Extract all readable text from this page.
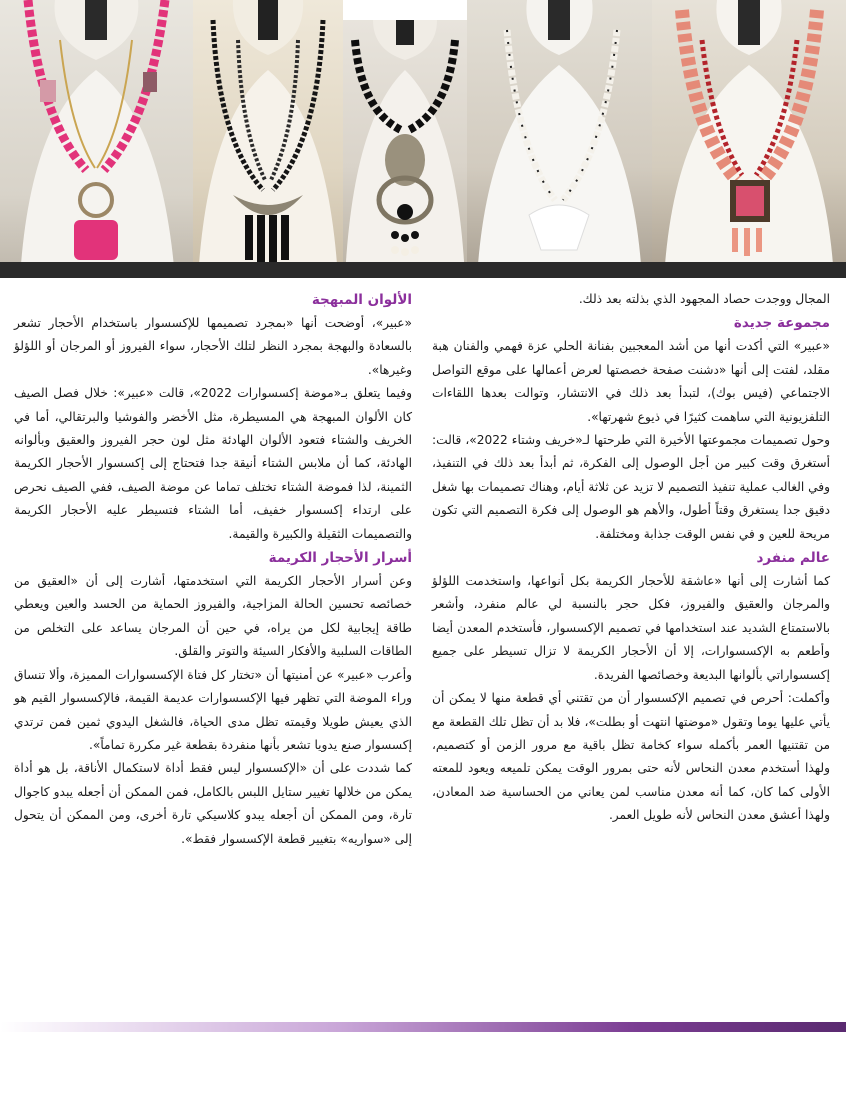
المجال ووجدت حصاد المجهود الذي بذلته بعد ذلك.

مجموعة جديدة

«عبير» التي أكدت أنها من أشد المعجبين بفنانة الحلي عزة فهمي والفنان هبة مقلد، لفتت إلى أنها «دشنت صفحة خصصتها لعرض أعمالها على موقع التواصل الاجتماعي (فيس بوك)، لتبدأ بعد ذلك في الانتشار، وتوالت بعدها اللقاءات التلفزيونية التي ساهمت كثيرًا في ذيوع شهرتها».

وحول تصميمات مجموعتها الأخيرة التي طرحتها لـ«خريف وشتاء 2022»، قالت: أستغرق وقت كبير من أجل الوصول إلى الفكرة، ثم أبدأ بعد ذلك في التنفيذ، وفي الغالب عملية تنفيذ التصميم لا تزيد عن ثلاثة أيام، وهناك تصميمات بها شغل دقيق جدا يستغرق وقتاً أطول، والأهم هو الوصول إلى فكرة التصميم التي تكون مريحة للعين و في نفس الوقت جذابة ومختلفة.

عالم منفرد

كما أشارت إلى أنها «عاشقة للأحجار الكريمة بكل أنواعها، واستخدمت اللؤلؤ والمرجان والعقيق والفيروز، فكل حجر بالنسبة لي عالم منفرد، وأشعر بالاستمتاع الشديد عند استخدامها في تصميم الإكسسوار، فأستخدم المعدن أيضا وأطعم به الإكسسوارات، إلا أن الأحجار الكريمة لا تزال تسيطر على جميع إكسسواراتي بألوانها البديعة وخصائصها الفريدة.

وأكملت: أحرص في تصميم الإكسسوار أن من تقتني أي قطعة منها لا يمكن أن يأتي عليها يوما وتقول «موضتها انتهت أو بطلت»، فلا بد أن تظل تلك القطعة مع من تقتنيها العمر بأكمله سواء كخامة تظل باقية مع مرور الزمن أو كتصميم، ولهذا أستخدم معدن النحاس لأنه حتى بمرور الوقت يمكن تلميعه ويعود للمعته الأولى كما كان، كما أنه معدن مناسب لمن يعاني من الحساسية ضد المعادن، ولهذا أعشق معدن النحاس لأنه طويل العمر.

الألوان المبهجة

«عبير»، أوضحت أنها «بمجرد تصميمها للإكسسوار باستخدام الأحجار تشعر بالسعادة والبهجة بمجرد النظر لتلك الأحجار، سواء الفيروز أو المرجان أو اللؤلؤ وغيرها».

وفيما يتعلق بـ«موضة إكسسوارات 2022»، قالت «عبير»: خلال فصل الصيف كان الألوان المبهجة هي المسيطرة، مثل الأخضر والفوشيا والبرتقالي، أما في الخريف والشتاء فتعود الألوان الهادئة مثل لون حجر الفيروز والعقيق وبألوانه الهادئة، كما أن ملابس الشتاء أنيقة جدا فتحتاج إلى إكسسوار الأحجار الكريمة الثمينة، لذا فموضة الشتاء تختلف تماما عن موضة الصيف، ففي الصيف نحرص على ارتداء إكسسوار خفيف، أما الشتاء فتسيطر عليه الأحجار الكريمة والتصميمات الثقيلة والكبيرة والقيمة.

أسرار الأحجار الكريمة

وعن أسرار الأحجار الكريمة التي استخدمتها، أشارت إلى أن «العقيق من خصائصه تحسين الحالة المزاجية، والفيروز الحماية من الحسد والعين ويعطي طاقة إيجابية لكل من يراه، في حين أن المرجان يساعد على التخلص من الطاقات السلبية والأفكار السيئة والتوتر والقلق.

وأعرب «عبير» عن أمنيتها أن «تختار كل فتاة الإكسسوارات المميزة، وألا تنساق وراء الموضة التي تظهر فيها الإكسسوارات عديمة القيمة، فالإكسسوار القيم هو الذي يعيش طويلا وقيمته تظل مدى الحياة، فالشغل اليدوي ثمين فمن ترتدي إكسسوار صنع يدويا تشعر بأنها منفردة بقطعة غير مكررة تماماً».

كما شددت على أن «الإكسسوار ليس فقط أداة لاستكمال الأناقة، بل هو أداة يمكن من خلالها تغيير ستايل اللبس بالكامل، فمن الممكن أن أجعله يبدو كاجوال تارة، ومن الممكن أن أجعله يبدو كلاسيكي تارة أخرى، ومن الممكن أن يتحول إلى «سواريه» بتغيير قطعة الإكسسوار فقط».
